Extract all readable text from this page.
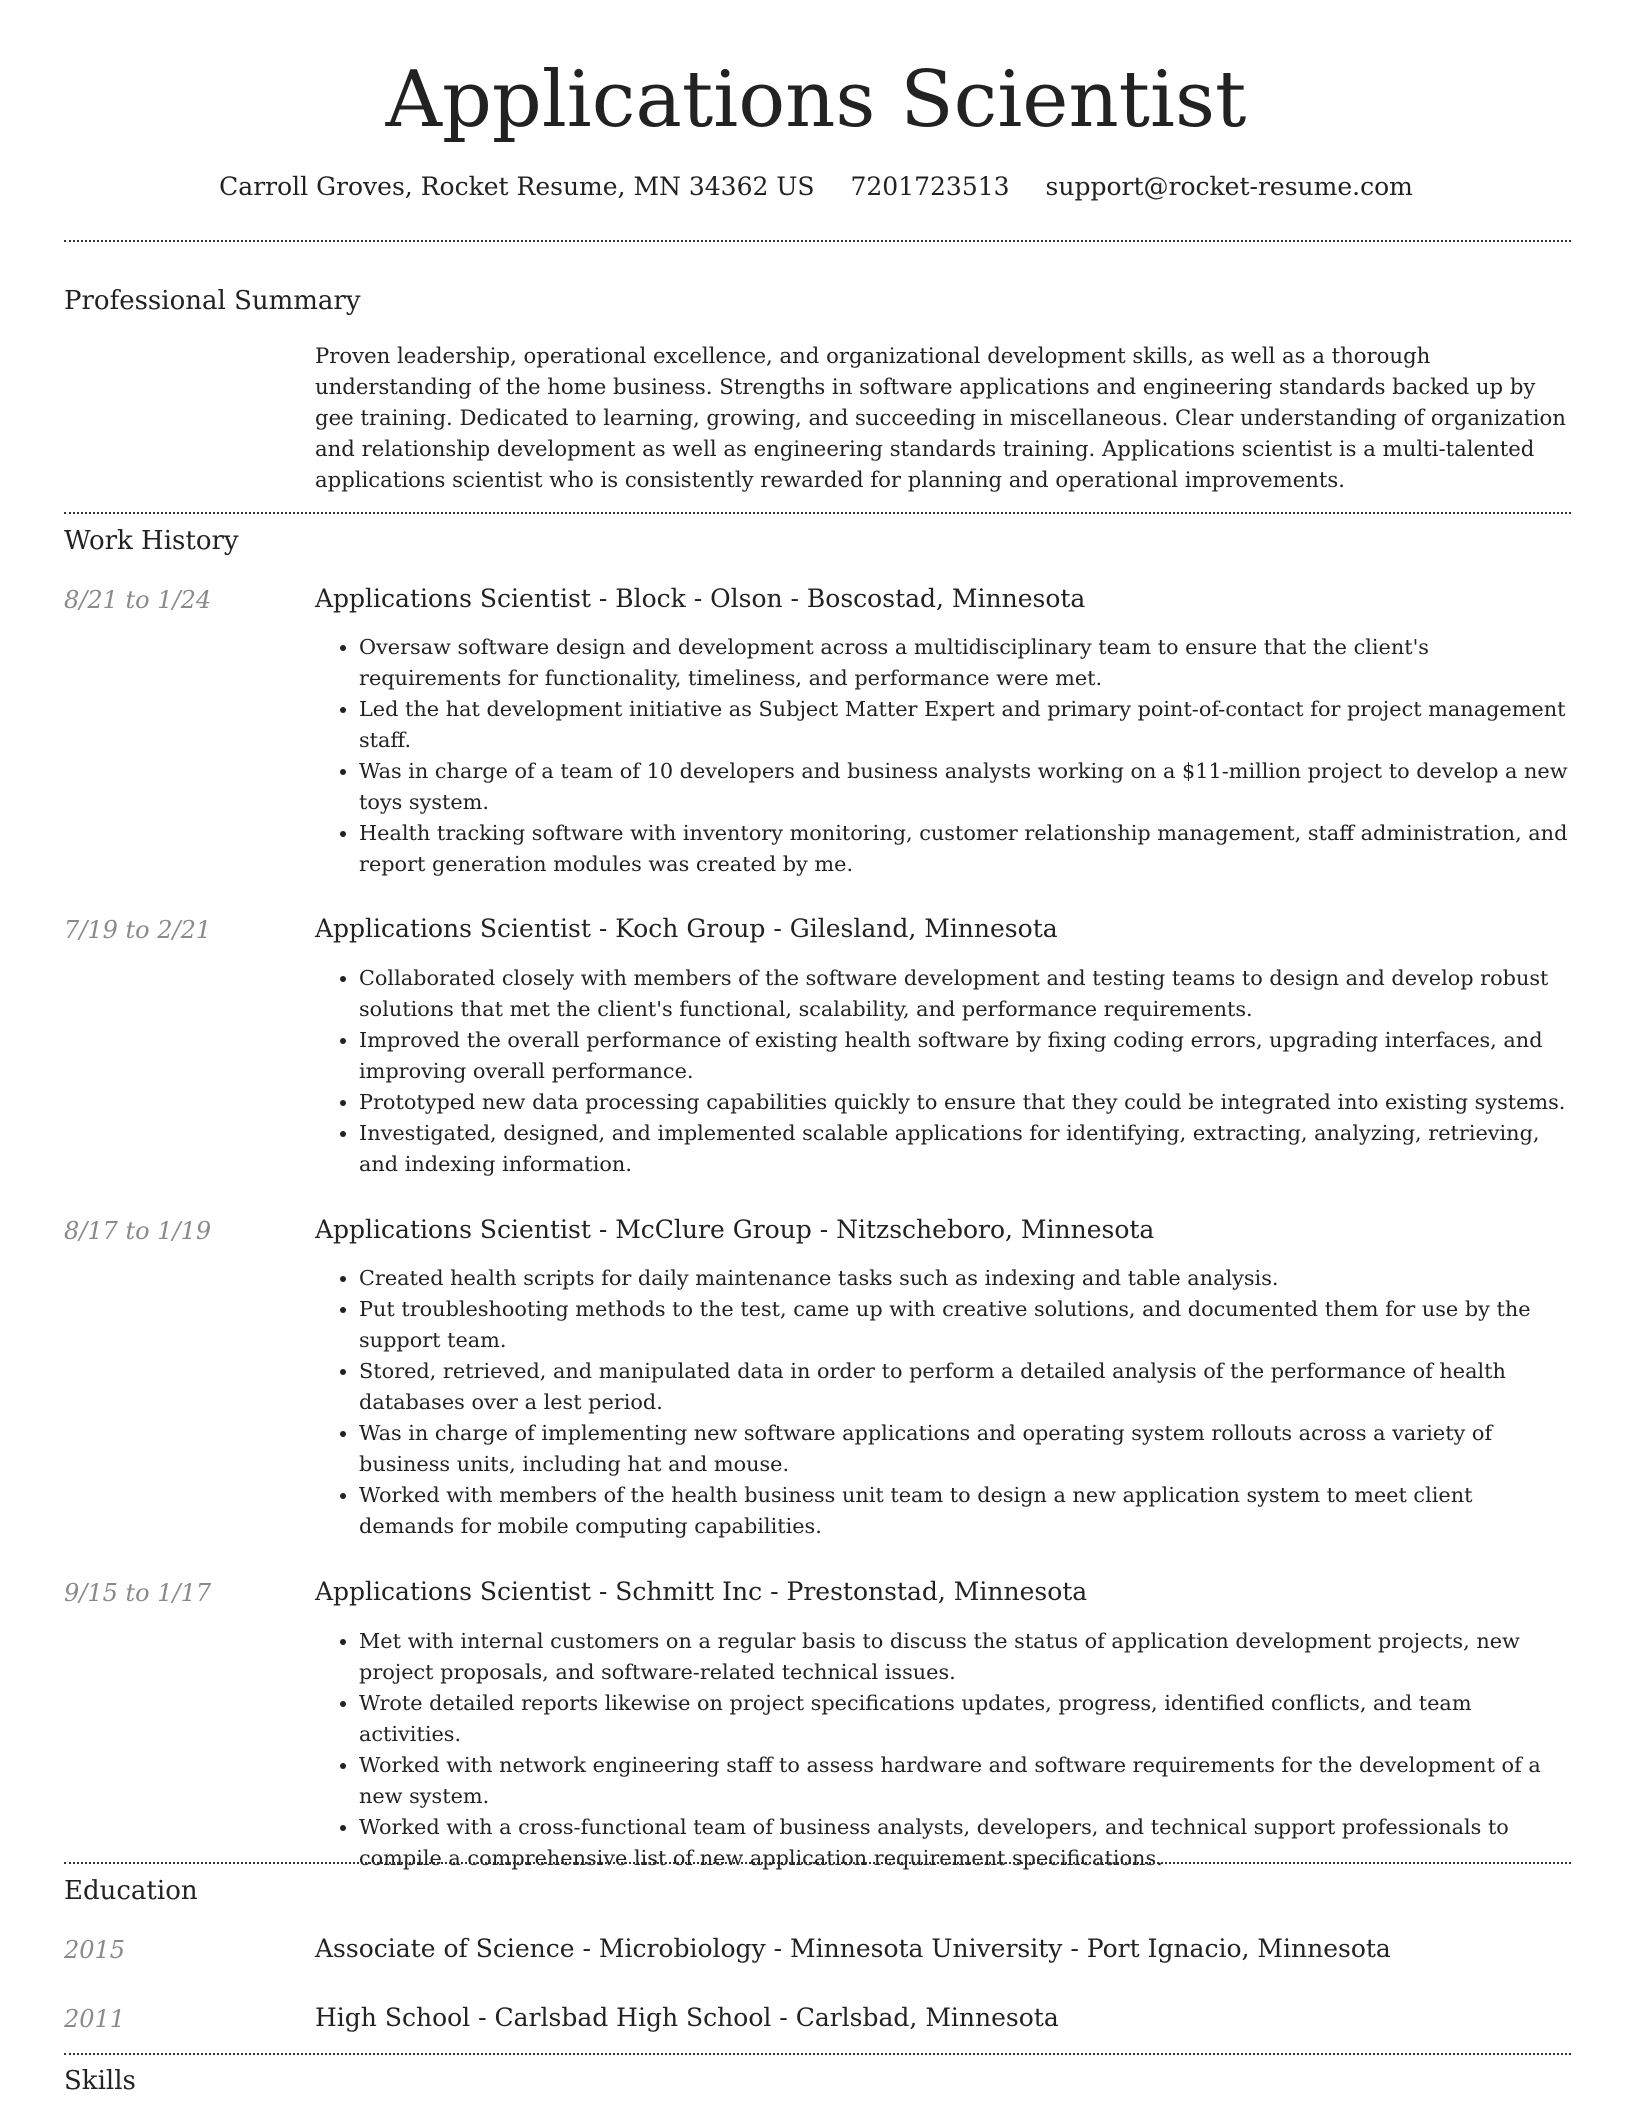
Applications Scientist
Carroll Groves, Rocket Resume, MN 34362 US 7201723513 support@rocket-resume.com
Professional Summary
Proven leadership, operational excellence, and organizational development skills, as well as a thorough understanding of the home business. Strengths in software applications and engineering standards backed up by gee training. Dedicated to learning, growing, and succeeding in miscellaneous. Clear understanding of organization and relationship development as well as engineering standards training. Applications scientist is a multi-talented applications scientist who is consistently rewarded for planning and operational improvements.
Work History
8/21 to 1/24	Applications Scientist - Block - Olson - Boscostad, Minnesota
• Oversaw software design and development across a multidisciplinary team to ensure that the client's requirements for functionality, timeliness, and performance were met.
• Led the hat development initiative as Subject Matter Expert and primary point-of-contact for project management staff.
• Was in charge of a team of 10 developers and business analysts working on a $11-million project to develop a new toys system.
• Health tracking software with inventory monitoring, customer relationship management, staff administration, and report generation modules was created by me.
7/19 to 2/21	Applications Scientist - Koch Group - Gilesland, Minnesota
• Collaborated closely with members of the software development and testing teams to design and develop robust solutions that met the client's functional, scalability, and performance requirements.
• Improved the overall performance of existing health software by fixing coding errors, upgrading interfaces, and improving overall performance.
• Prototyped new data processing capabilities quickly to ensure that they could be integrated into existing systems.
• Investigated, designed, and implemented scalable applications for identifying, extracting, analyzing, retrieving, and indexing information.
8/17 to 1/19	Applications Scientist - McClure Group - Nitzscheboro, Minnesota
• Created health scripts for daily maintenance tasks such as indexing and table analysis.
• Put troubleshooting methods to the test, came up with creative solutions, and documented them for use by the support team.
• Stored, retrieved, and manipulated data in order to perform a detailed analysis of the performance of health databases over a lest period.
• Was in charge of implementing new software applications and operating system rollouts across a variety of business units, including hat and mouse.
• Worked with members of the health business unit team to design a new application system to meet client demands for mobile computing capabilities.
9/15 to 1/17	Applications Scientist - Schmitt Inc - Prestonstad, Minnesota
• Met with internal customers on a regular basis to discuss the status of application development projects, new project proposals, and software-related technical issues.
• Wrote detailed reports likewise on project specifications updates, progress, identified conflicts, and team activities.
• Worked with network engineering staff to assess hardware and software requirements for the development of a new system.
• Worked with a cross-functional team of business analysts, developers, and technical support professionals to compile a comprehensive list of new application requirement specifications.
Education
2015	Associate of Science - Microbiology - Minnesota University - Port Ignacio, Minnesota
2011	High School - Carlsbad High School - Carlsbad, Minnesota
Skills
